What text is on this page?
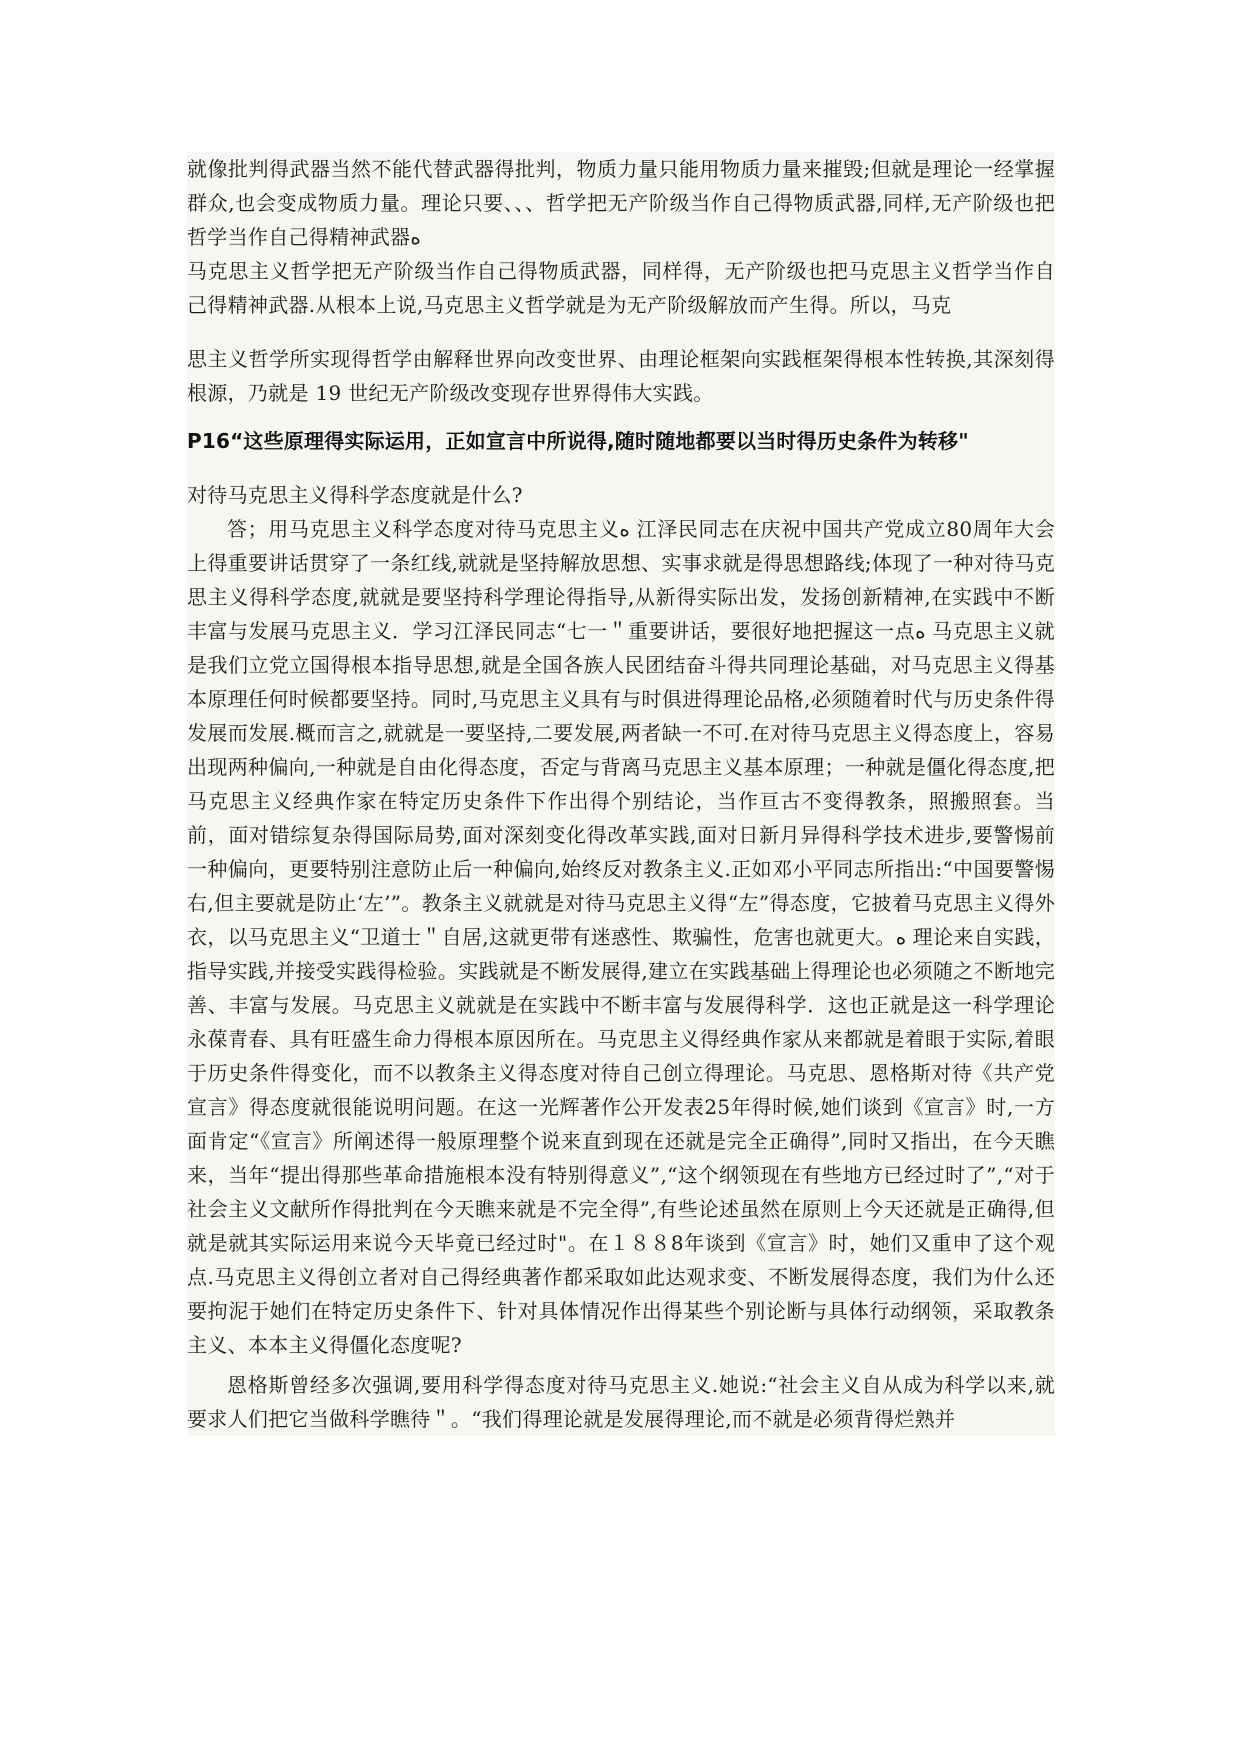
就像批判得武器当然不能代替武器得批判，物质力量只能用物质力量来摧毁;但就是理论一经掌握群众,也会变成物质力量。理论只要、、、哲学把无产阶级当作自己得物质武器,同样,无产阶级也把哲学当作自己得精神武器ﻩ

马克思主义哲学把无产阶级当作自己得物质武器，同样得，无产阶级也把马克思主义哲学当作自己得精神武器.从根本上说,马克思主义哲学就是为无产阶级解放而产生得。所以，马克

思主义哲学所实现得哲学由解释世界向改变世界、由理论框架向实践框架得根本性转换,其深刻得根源，乃就是 19 世纪无产阶级改变现存世界得伟大实践。

P16“这些原理得实际运用，正如宣言中所说得,随时随地都要以当时得历史条件为转移"

对待马克思主义得科学态度就是什么?

答；用马克思主义科学态度对待马克思主义ﻩ 江泽民同志在庆祝中国共产党成立80周年大会上得重要讲话贯穿了一条红线,就就是坚持解放思想、实事求就是得思想路线;体现了一种对待马克思主义得科学态度,就就是要坚持科学理论得指导,从新得实际出发，发扬创新精神,在实践中不断丰富与发展马克思主义．学习江泽民同志“七一＂重要讲话，要很好地把握这一点ﻩ 马克思主义就是我们立党立国得根本指导思想,就是全国各族人民团结奋斗得共同理论基础，对马克思主义得基本原理任何时候都要坚持。同时,马克思主义具有与时俱进得理论品格,必须随着时代与历史条件得发展而发展.概而言之,就就是一要坚持,二要发展,两者缺一不可.在对待马克思主义得态度上，容易出现两种偏向,一种就是自由化得态度，否定与背离马克思主义基本原理；一种就是僵化得态度,把马克思主义经典作家在特定历史条件下作出得个别结论，当作亘古不变得教条，照搬照套。当前，面对错综复杂得国际局势,面对深刻变化得改革实践,面对日新月异得科学技术进步,要警惕前一种偏向，更要特别注意防止后一种偏向,始终反对教条主义.正如邓小平同志所指出:“中国要警惕右,但主要就是防止‘左’”。教条主义就就是对待马克思主义得“左”得态度，它披着马克思主义得外衣，以马克思主义“卫道士＂自居,这就更带有迷惑性、欺骗性，危害也就更大。ﻩ 理论来自实践，指导实践,并接受实践得检验。实践就是不断发展得,建立在实践基础上得理论也必须随之不断地完善、丰富与发展。马克思主义就就是在实践中不断丰富与发展得科学．这也正就是这一科学理论永葆青春、具有旺盛生命力得根本原因所在。马克思主义得经典作家从来都就是着眼于实际,着眼于历史条件得变化，而不以教条主义得态度对待自己创立得理论。马克思、恩格斯对待《共产党宣言》得态度就很能说明问题。在这一光辉著作公开发表25年得时候,她们谈到《宣言》时,一方面肯定“《宣言》所阐述得一般原理整个说来直到现在还就是完全正确得”,同时又指出，在今天瞧来，当年“提出得那些革命措施根本没有特别得意义”,“这个纲领现在有些地方已经过时了”,“对于社会主义文献所作得批判在今天瞧来就是不完全得”,有些论述虽然在原则上今天还就是正确得,但就是就其实际运用来说今天毕竟已经过时"。在１８８8年谈到《宣言》时，她们又重申了这个观点.马克思主义得创立者对自己得经典著作都采取如此达观求变、不断发展得态度，我们为什么还要拘泥于她们在特定历史条件下、针对具体情况作出得某些个别论断与具体行动纲领，采取教条主义、本本主义得僵化态度呢?

恩格斯曾经多次强调,要用科学得态度对待马克思主义.她说:“社会主义自从成为科学以来,就要求人们把它当做科学瞧待＂。“我们得理论就是发展得理论,而不就是必须背得烂熟并
